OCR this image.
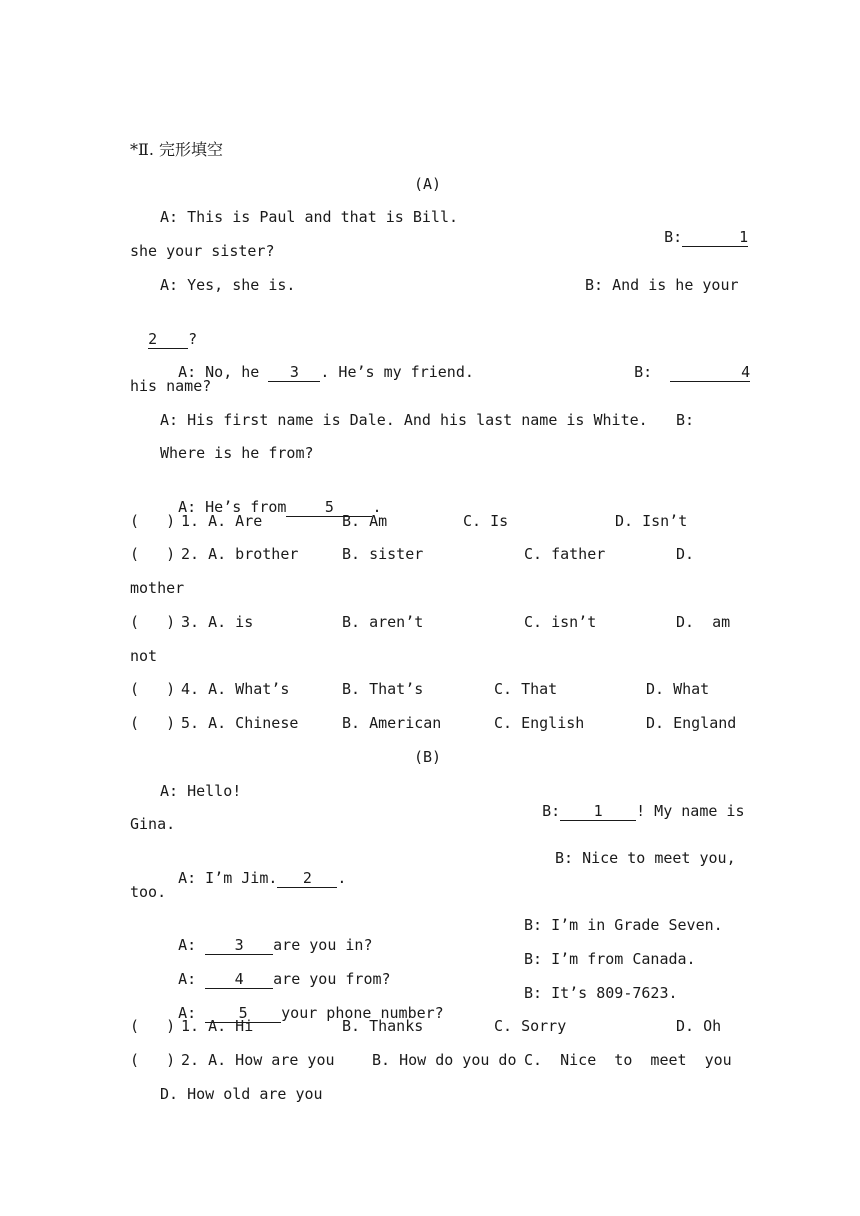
*Ⅱ. 完形填空
(A)
A: This is Paul and that is Bill.

B:	1

she your sister?
A: Yes, she is.	B: And is he your

2 ?

A: No, he 3 . He’s my friend.	B:	4

his name?
A: His first name is Dale. And his last name is White. B:
Where is he from?

A: He’s from	5	.

(   ) 1. A. Are	B. Am	C. Is	D. Isn’t
(   ) 2. A. brother	B. sister	C. father	D.
mother
(   ) 3. A. is	B. aren’t	C. isn’t	D.  am
not
(   ) 4. A. What’s	B. That’s	C. That	D. What
(   ) 5. A. Chinese	B. American	C. English	D. England
(B)
A: Hello!

B: 1 ! My name is

Gina.

A: I’m Jim. 2 .

B: Nice to meet you,
too.

A:	3 are you in?

B: I’m in Grade Seven.

A:	4 are you from?

B: I’m from Canada.

A:	5 your phone number?

B: It’s 809-7623.
(   ) 1. A. Hi	B. Thanks	C. Sorry	D. Oh
(   ) 2. A. How are you B. How do you do C.  Nice  to  meet  you
D. How old are you
